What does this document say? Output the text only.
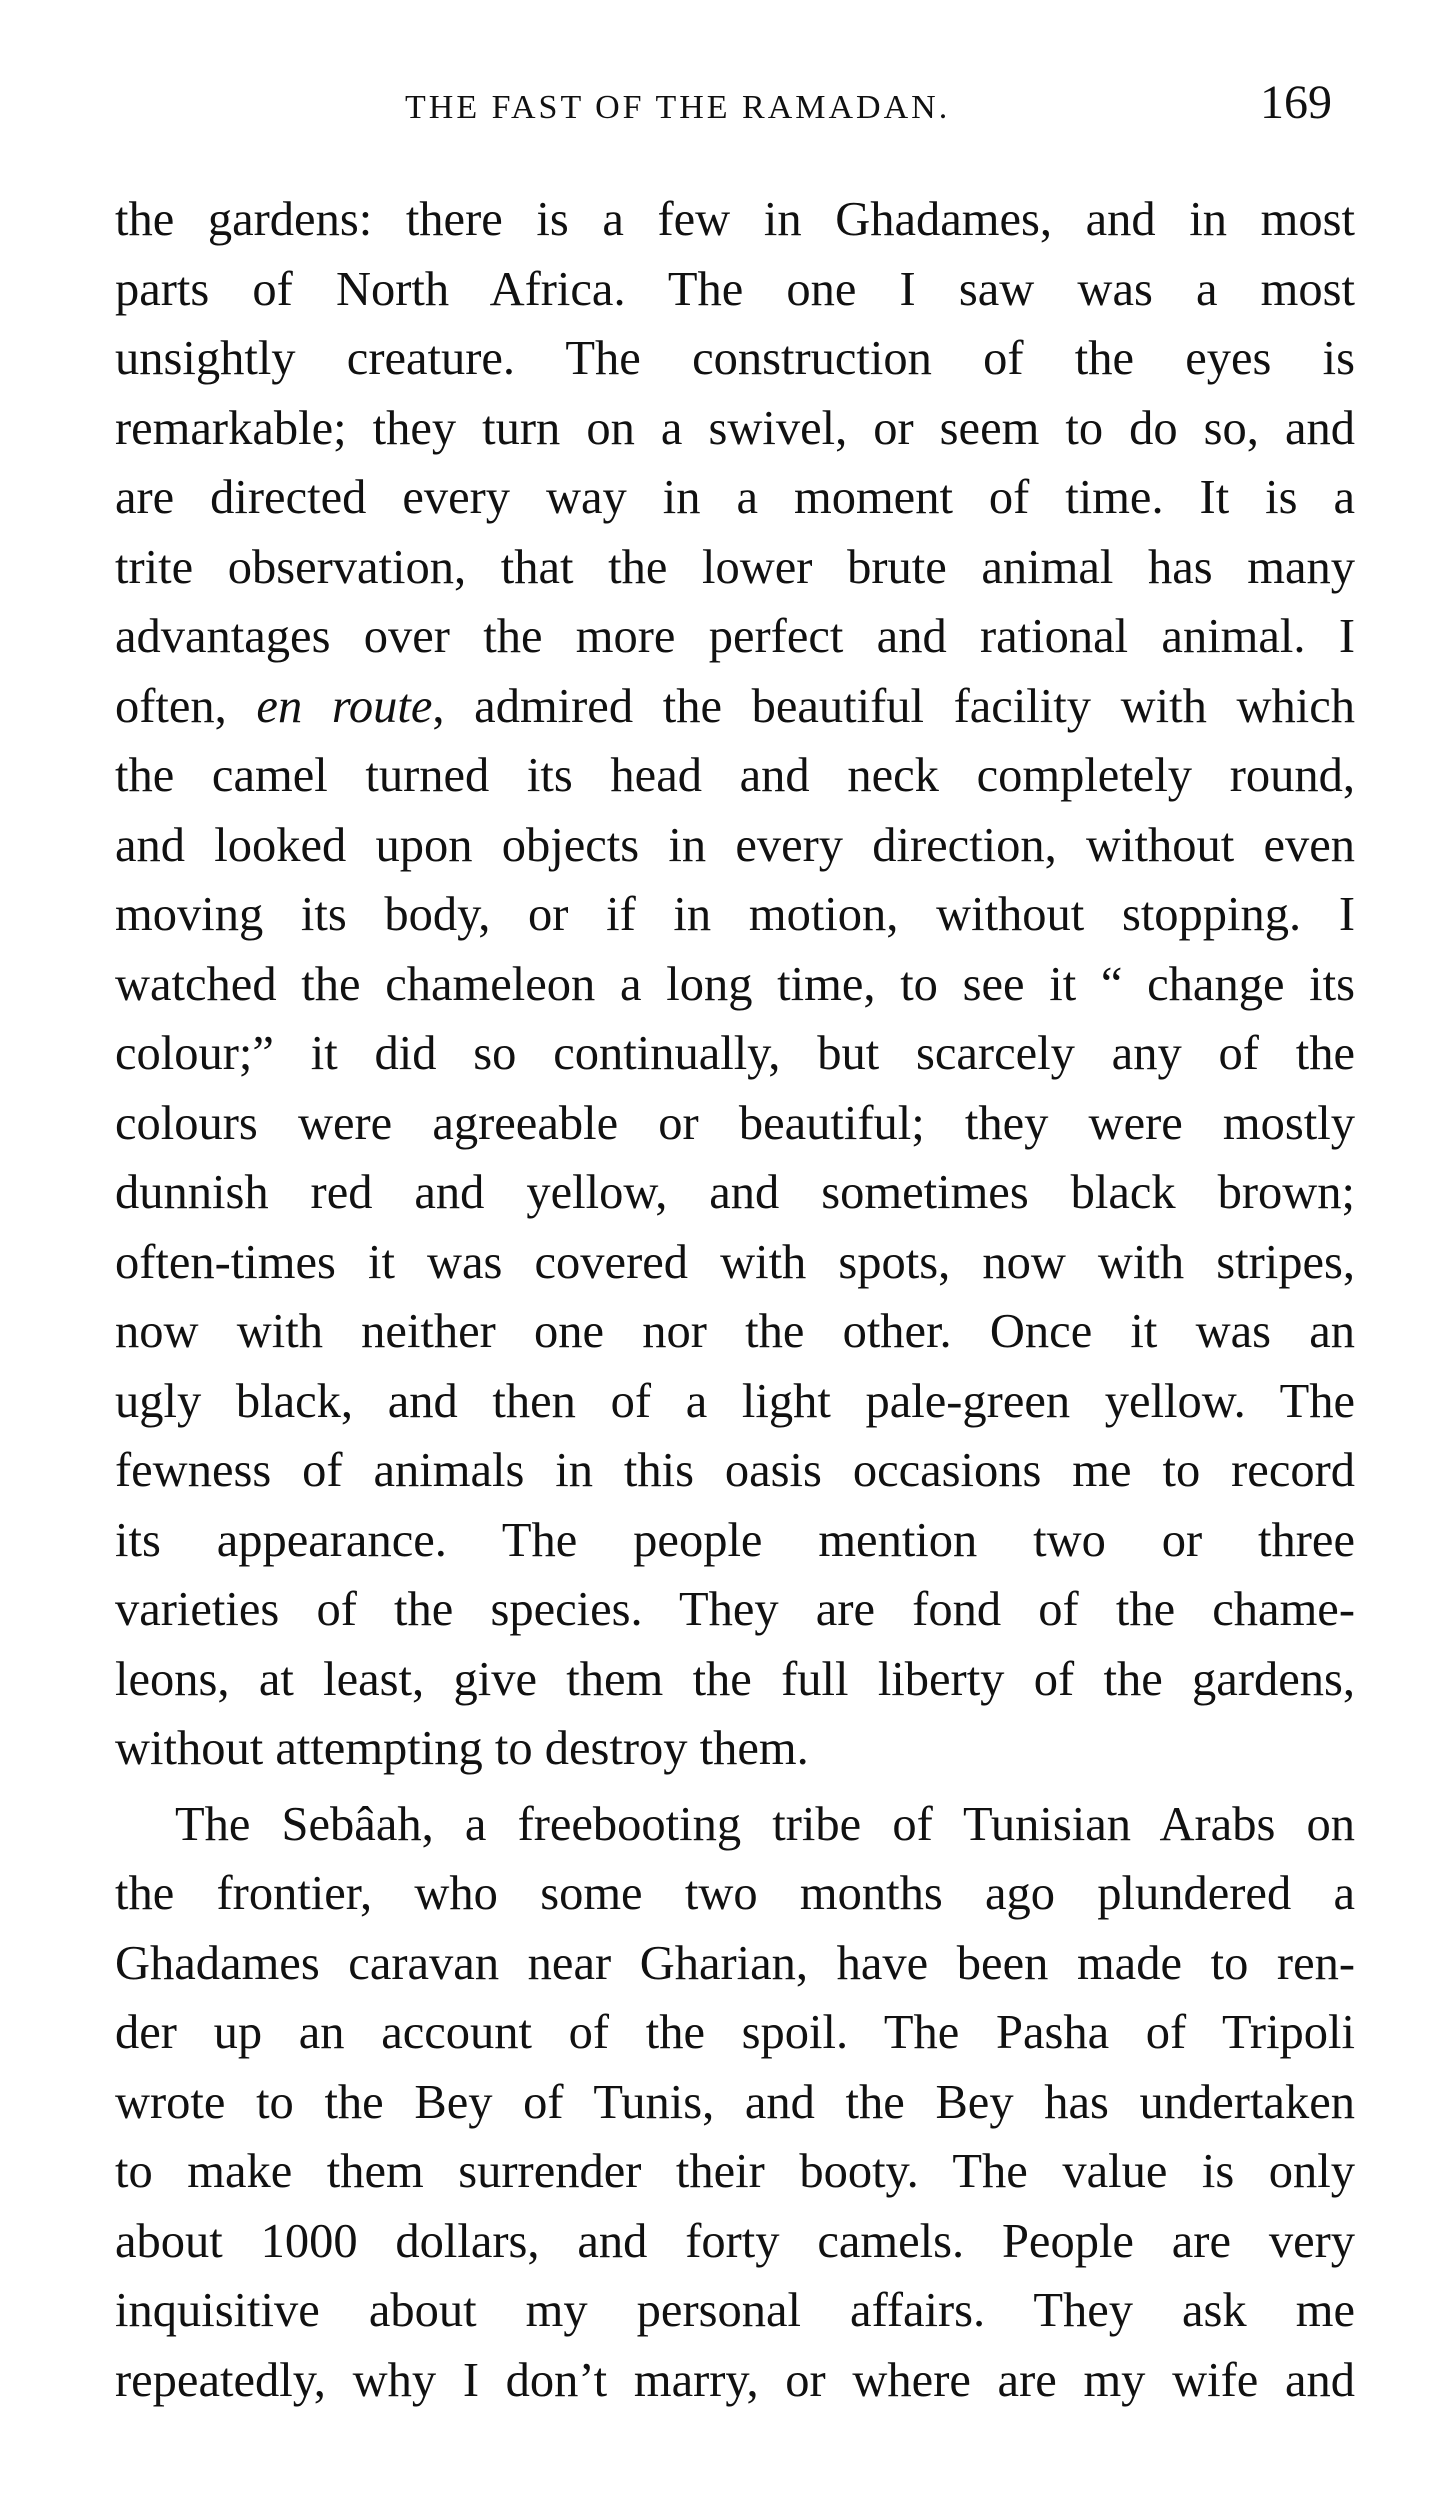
THE FAST OF THE RAMADAN.	169
the gardens: there is a few in Ghadames, and in most
parts of North Africa. The one I saw was a most
unsightly creature. The construction of the eyes is
remarkable; they turn on a swivel, or seem to do so, and
are directed every way in a moment of time. It is a
trite observation, that the lower brute animal has many
advantages over the more perfect and rational animal. I
often, en route, admired the beautiful facility with which
the camel turned its head and neck completely round,
and looked upon objects in every direction, without even
moving its body, or if in motion, without stopping. I
watched the chameleon a long time, to see it “ change its
colour;” it did so continually, but scarcely any of the
colours were agreeable or beautiful; they were mostly
dunnish red and yellow, and sometimes black brown;
often-times it was covered with spots, now with stripes,
now with neither one nor the other. Once it was an
ugly black, and then of a light pale-green yellow. The
fewness of animals in this oasis occasions me to record
its appearance. The people mention two or three
varieties of the species. They are fond of the chame-
leons, at least, give them the full liberty of the gardens,
without attempting to destroy them.
The Sebâah, a freebooting tribe of Tunisian Arabs on
the frontier, who some two months ago plundered a
Ghadames caravan near Gharian, have been made to ren-
der up an account of the spoil. The Pasha of Tripoli
wrote to the Bey of Tunis, and the Bey has undertaken
to make them surrender their booty. The value is only
about 1000 dollars, and forty camels. People are very
inquisitive about my personal affairs. They ask me
repeatedly, why I don’t marry, or where are my wife and
